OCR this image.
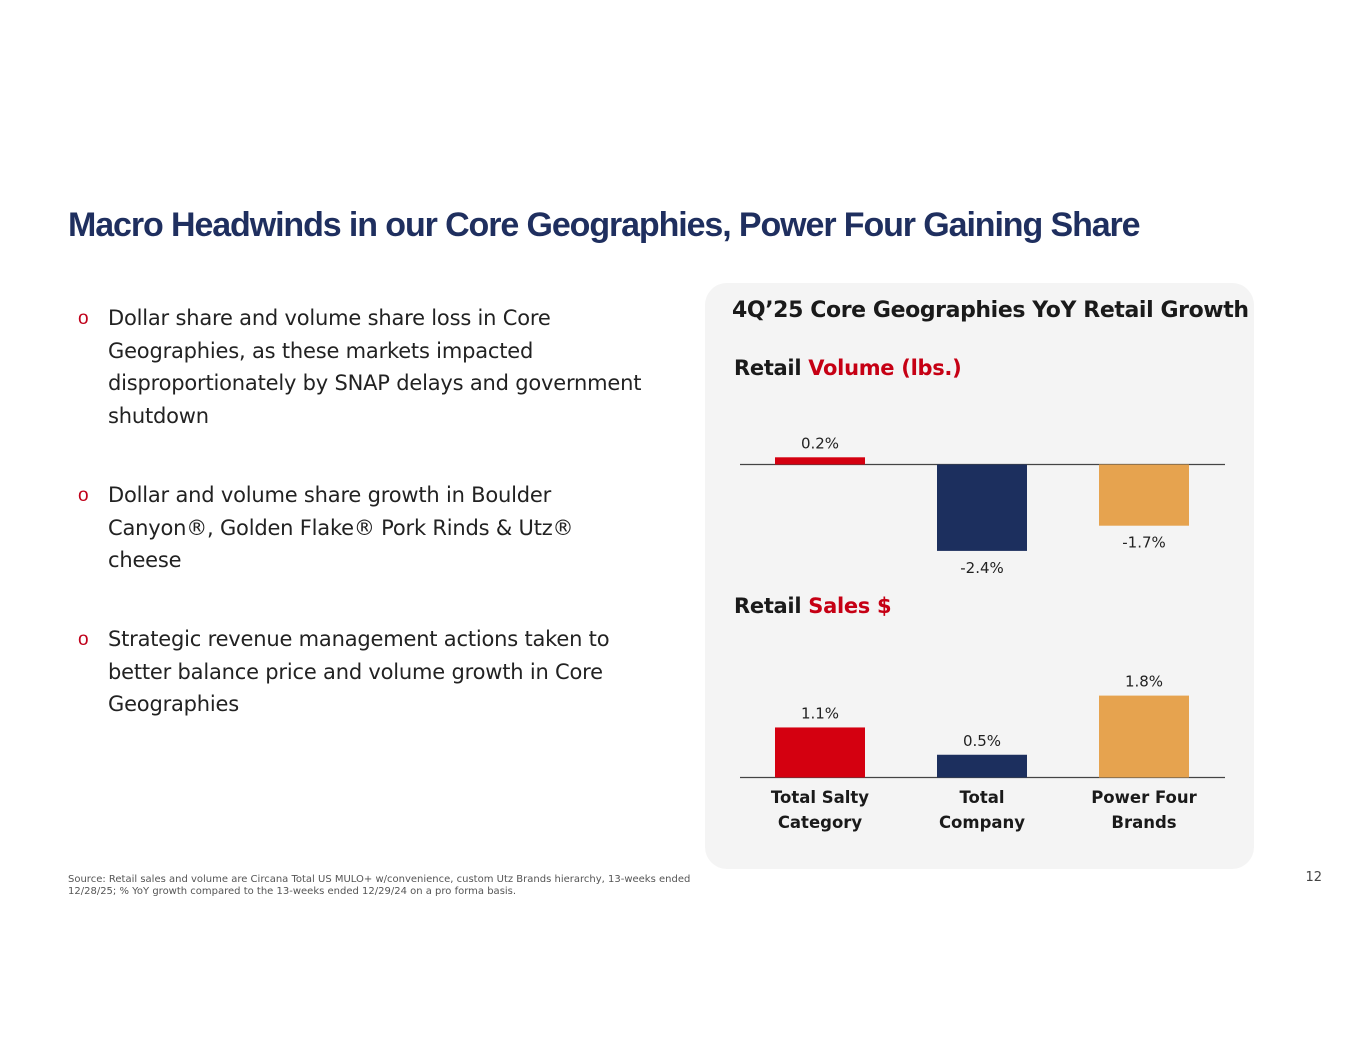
Macro Headwinds in our Core Geographies, Power Four Gaining Share
o Dollar share and volume share loss in Core Geographies, as these markets impacted disproportionately by SNAP delays and government shutdown
o Dollar and volume share growth in Boulder Canyon®, Golden Flake® Pork Rinds & Utz® cheese
o Strategic revenue management actions taken to better balance price and volume growth in Core Geographies
4Q’25 Core Geographies YoY Retail Growth
Retail Volume (lbs.)
Retail Sales $
0.2%
-2.4%
-1.7%
1.1%
0.5%
1.8%
Total Salty
Category
Total
Company
Power Four
Brands
Source: Retail sales and volume are Circana Total US MULO+ w/convenience, custom Utz Brands hierarchy, 13-weeks ended 12/28/25; % YoY growth compared to the 13-weeks ended 12/29/24 on a pro forma basis.
12
